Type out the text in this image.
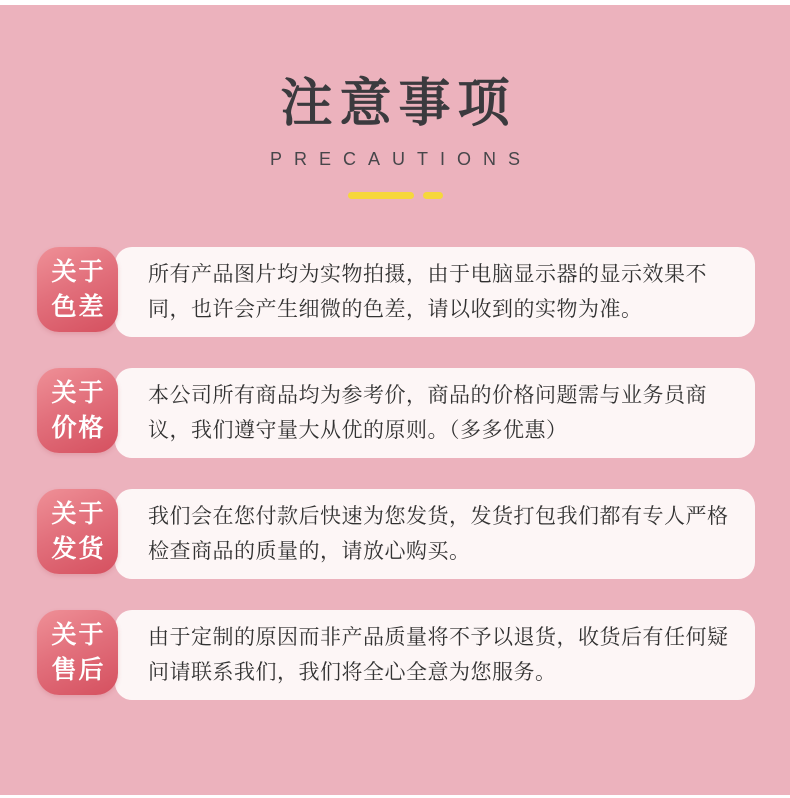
注意事项
PRECAUTIONS
关于
色差
所有产品图片均为实物拍摄，由于电脑显示器的显示效果不同，也许会产生细微的色差，请以收到的实物为准。
关于
价格
本公司所有商品均为参考价，商品的价格问题需与业务员商议，我们遵守量大从优的原则。（多多优惠）
关于
发货
我们会在您付款后快速为您发货，发货打包我们都有专人严格检查商品的质量的，请放心购买。
关于
售后
由于定制的原因而非产品质量将不予以退货，收货后有任何疑问请联系我们，我们将全心全意为您服务。
